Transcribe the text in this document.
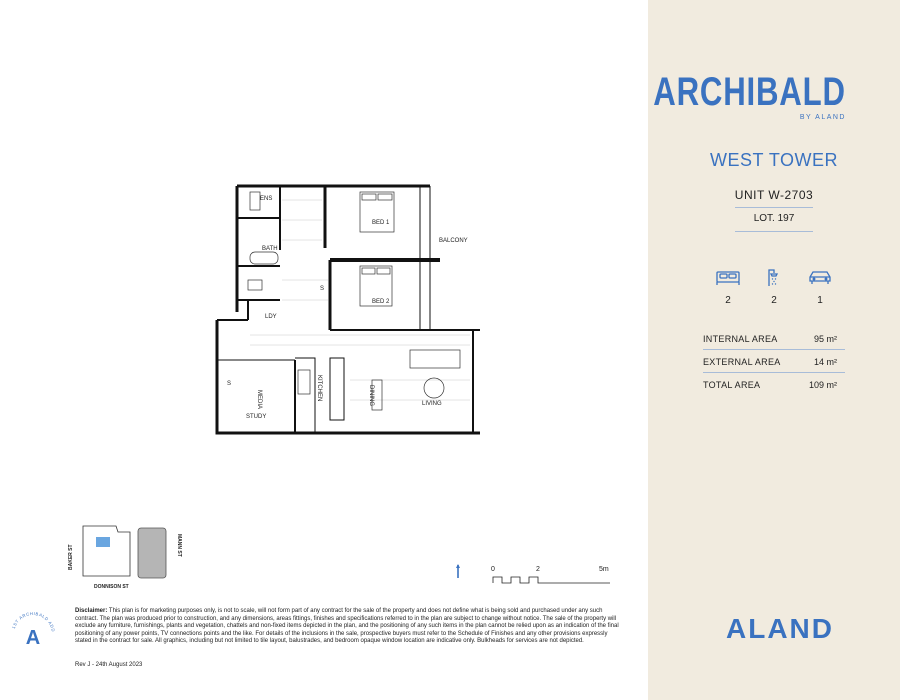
ARCHIBALD
BY ALAND
WEST TOWER
UNIT W-2703
LOT. 197
2	2	1
INTERNAL AREA	95 m²
EXTERNAL AREA	14 m²
TOTAL AREA	109 m²
ALAND
ENS
BED 1
BALCONY
BATH
BED 2
LDY
MEDIA
STUDY
KITCHEN	DINING	LIVING
S
S
BAKER ST	MANN ST
DONNISON ST
0	2	5m
1ST ARCHIBALD ADD
A
Disclaimer: This plan is for marketing purposes only, is not to scale, will not form part of any contract for the sale of the property and does not define what is being sold and purchased under any such contract. The plan was produced prior to construction, and any dimensions, areas fittings, finishes and specifications referred to in the plan are subject to change without notice. The sale of the property will exclude any furniture, furnishings, plants and vegetation, chattels and non-fixed items depicted in the plan, and the positioning of any such items in the plan cannot be relied upon as an indication of the final positioning of any power points, TV connections points and the like. For details of the inclusions in the sale, prospective buyers must refer to the Schedule of Finishes and any other provisions expressly stated in the contract for sale. All graphics, including but not limited to tile layout, balustrades, and bedroom opaque window location are indicative only. Bulkheads for services are not depicted.
Rev J - 24th August 2023
